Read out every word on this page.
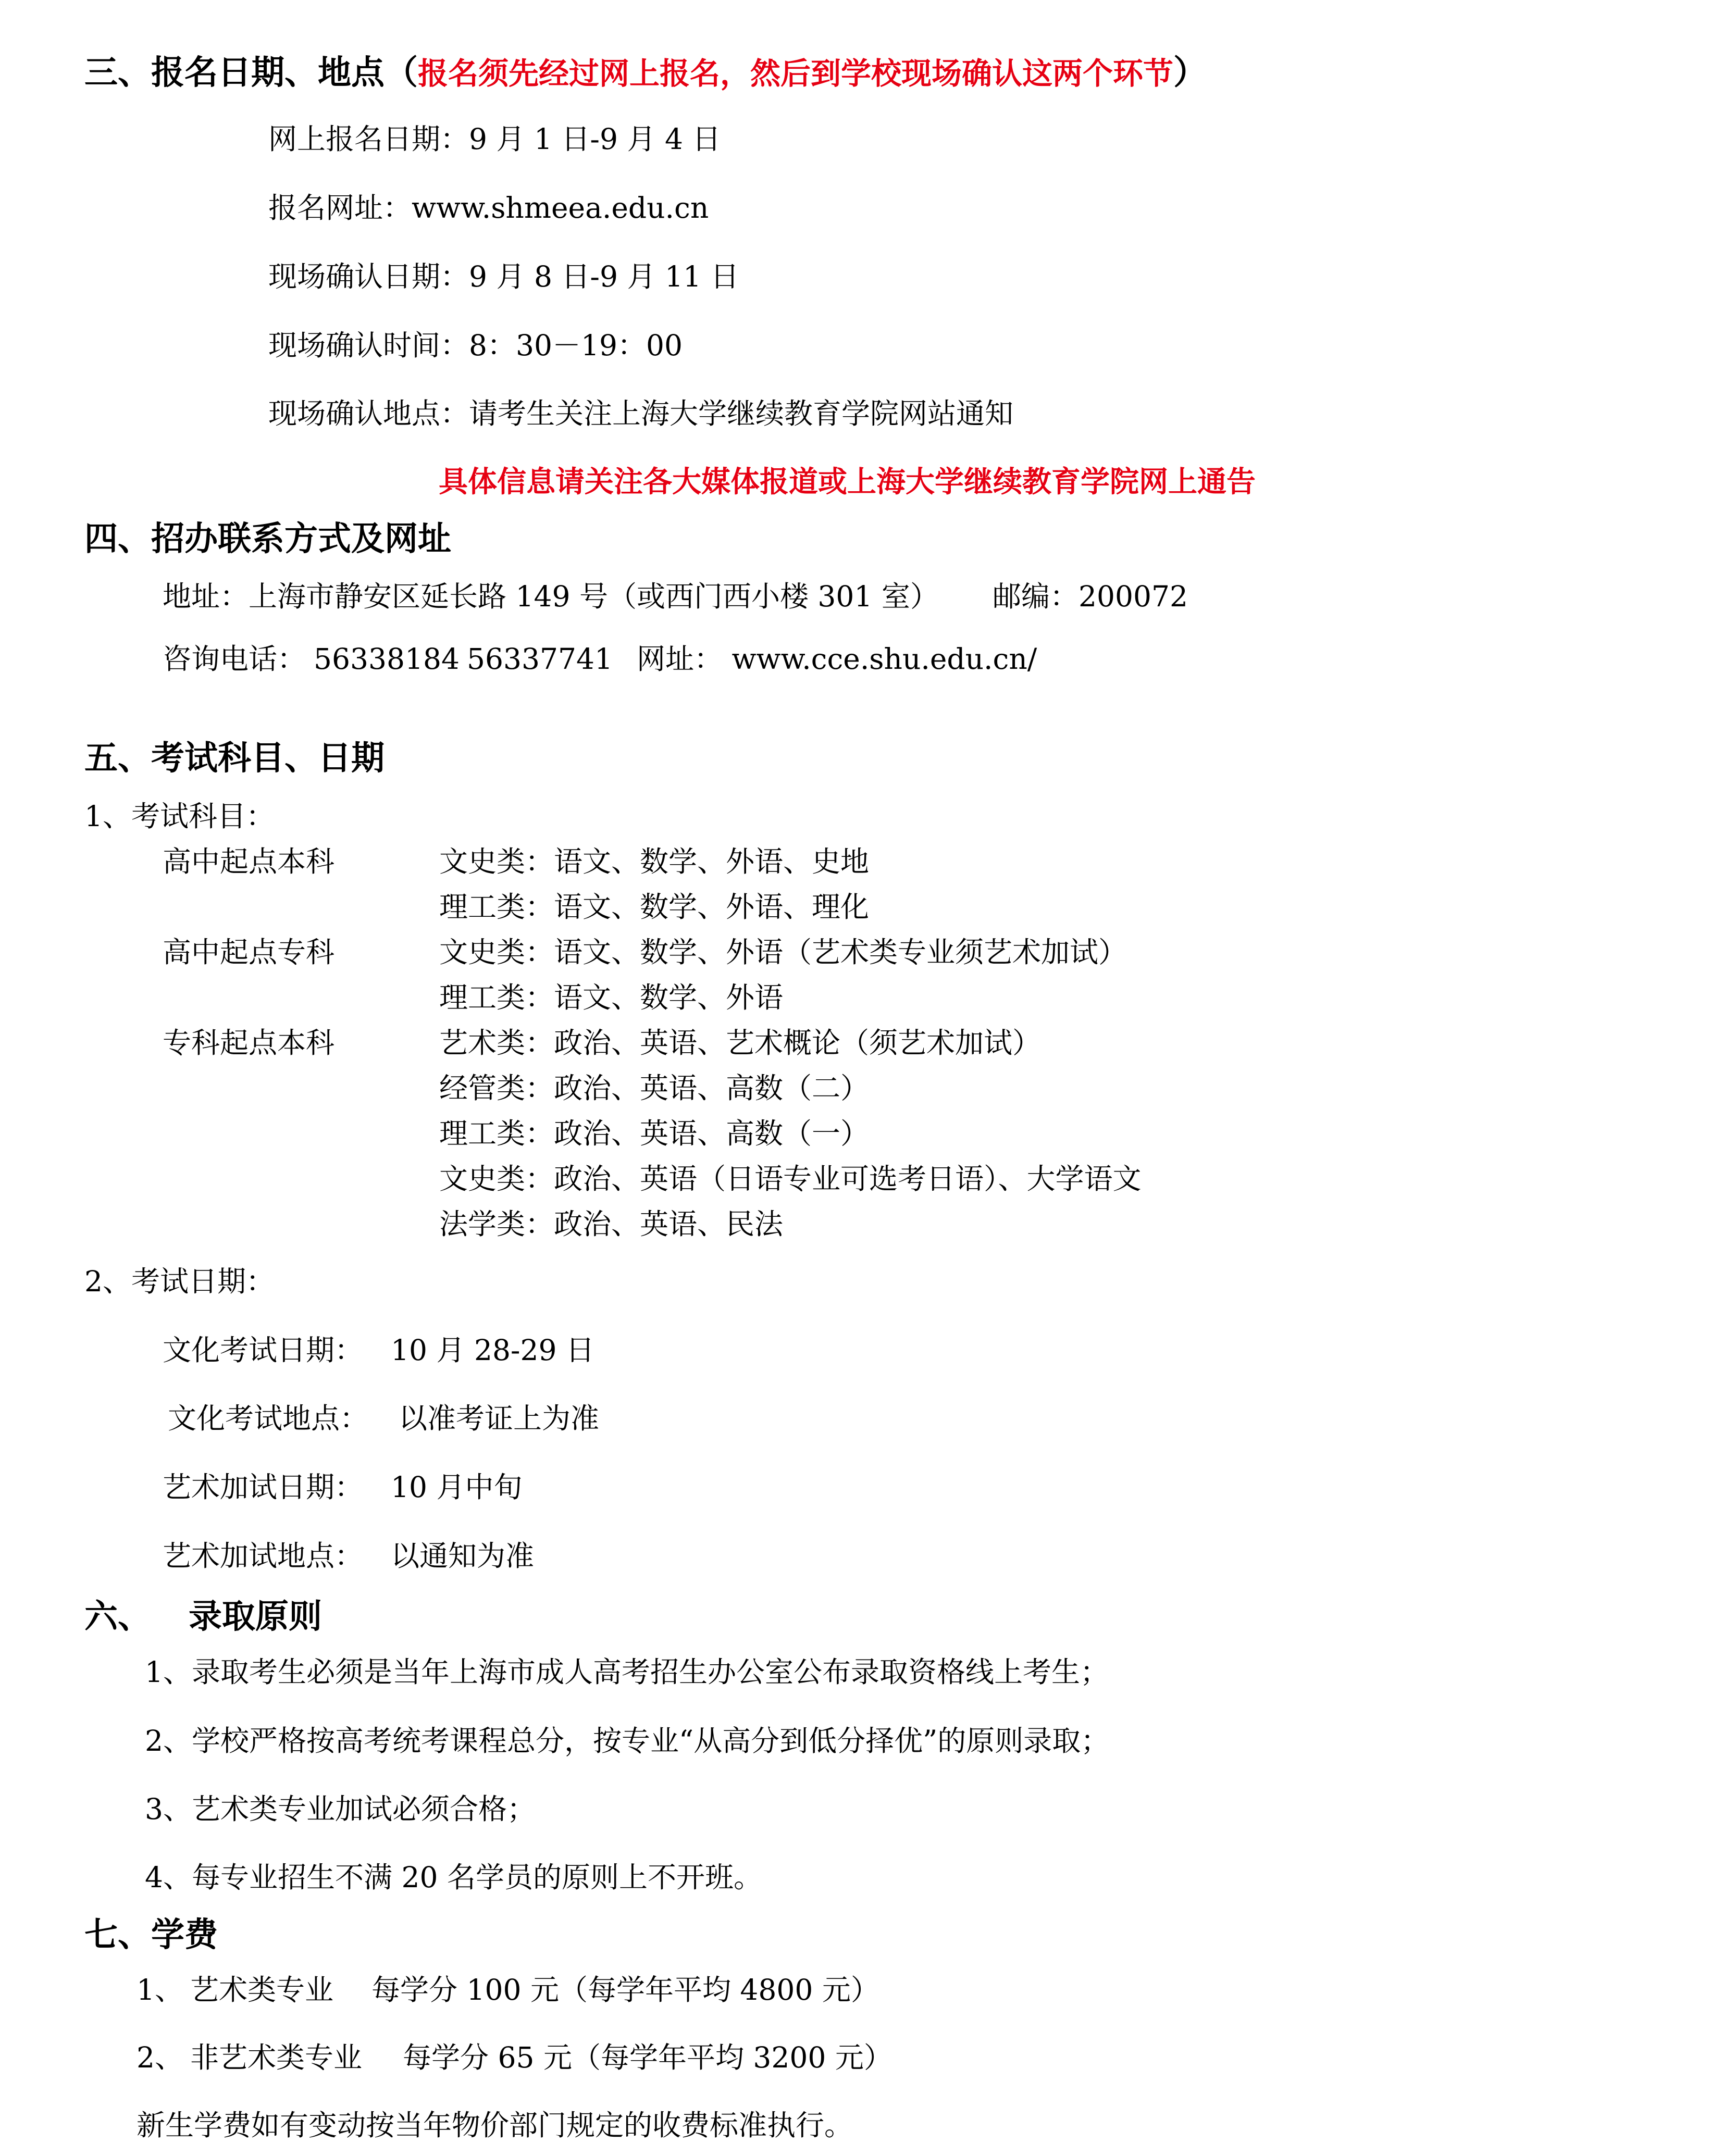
三、报名日期、地点（报名须先经过网上报名，然后到学校现场确认这两个环节）
网上报名日期：9 月 1 日-9 月 4 日
报名网址：www.shmeea.edu.cn
现场确认日期：9 月 8 日-9 月 11 日
现场确认时间：8：30－19：00
现场确认地点：请考生关注上海大学继续教育学院网站通知
具体信息请关注各大媒体报道或上海大学继续教育学院网上通告
四、招办联系方式及网址
地址：上海市静安区延长路 149 号（或西门西小楼 301 室） 邮编：200072
咨询电话： 56338184 56337741 网址： www.cce.shu.edu.cn/
五、考试科目、日期
1、考试科目：
高中起点本科	文史类：语文、数学、外语、史地
理工类：语文、数学、外语、理化
高中起点专科	文史类：语文、数学、外语（艺术类专业须艺术加试）
理工类：语文、数学、外语
专科起点本科	艺术类：政治、英语、艺术概论（须艺术加试）
经管类：政治、英语、高数（二）
理工类：政治、英语、高数（一）
文史类：政治、英语（日语专业可选考日语）、大学语文
法学类：政治、英语、民法
2、考试日期：
文化考试日期： 10 月 28-29 日
文化考试地点： 以准考证上为准
艺术加试日期： 10 月中旬
艺术加试地点： 以通知为准
六、 录取原则
1、录取考生必须是当年上海市成人高考招生办公室公布录取资格线上考生；
2、学校严格按高考统考课程总分，按专业“从高分到低分择优”的原则录取；
3、艺术类专业加试必须合格；
4、每专业招生不满 20 名学员的原则上不开班。
七、学费
1、 艺术类专业 每学分 100 元（每学年平均 4800 元）
2、 非艺术类专业 每学分 65 元（每学年平均 3200 元）
新生学费如有变动按当年物价部门规定的收费标准执行。
